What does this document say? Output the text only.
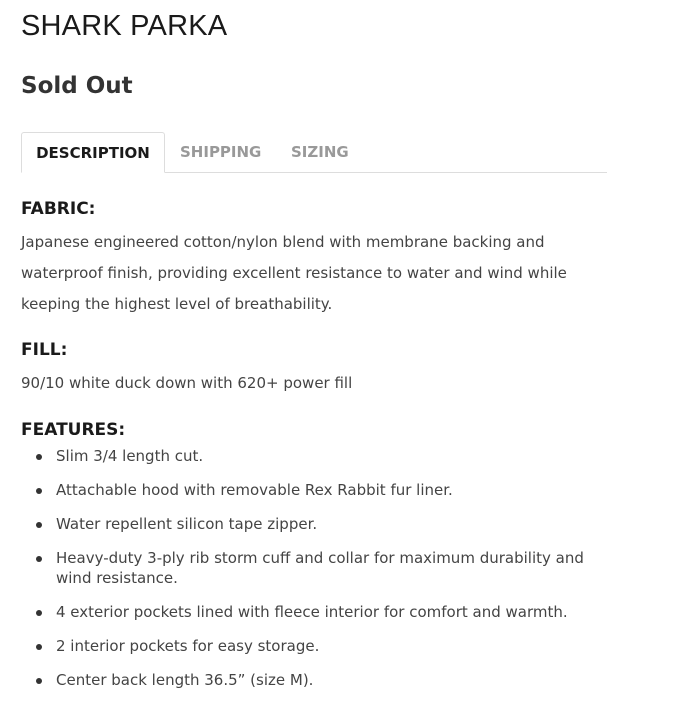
SHARK PARKA
Sold Out
DESCRIPTION	SHIPPING SIZING
FABRIC:

Japanese engineered cotton/nylon blend with membrane backing and waterproof finish, providing excellent resistance to water and wind while keeping the highest level of breathability.

FILL:

90/10 white duck down with 620+ power fill

FEATURES:
Slim 3/4 length cut.
Attachable hood with removable Rex Rabbit fur liner.
Water repellent silicon tape zipper.
Heavy-duty 3-ply rib storm cuff and collar for maximum durability and wind resistance.
4 exterior pockets lined with fleece interior for comfort and warmth.
2 interior pockets for easy storage.
Center back length 36.5” (size M).
